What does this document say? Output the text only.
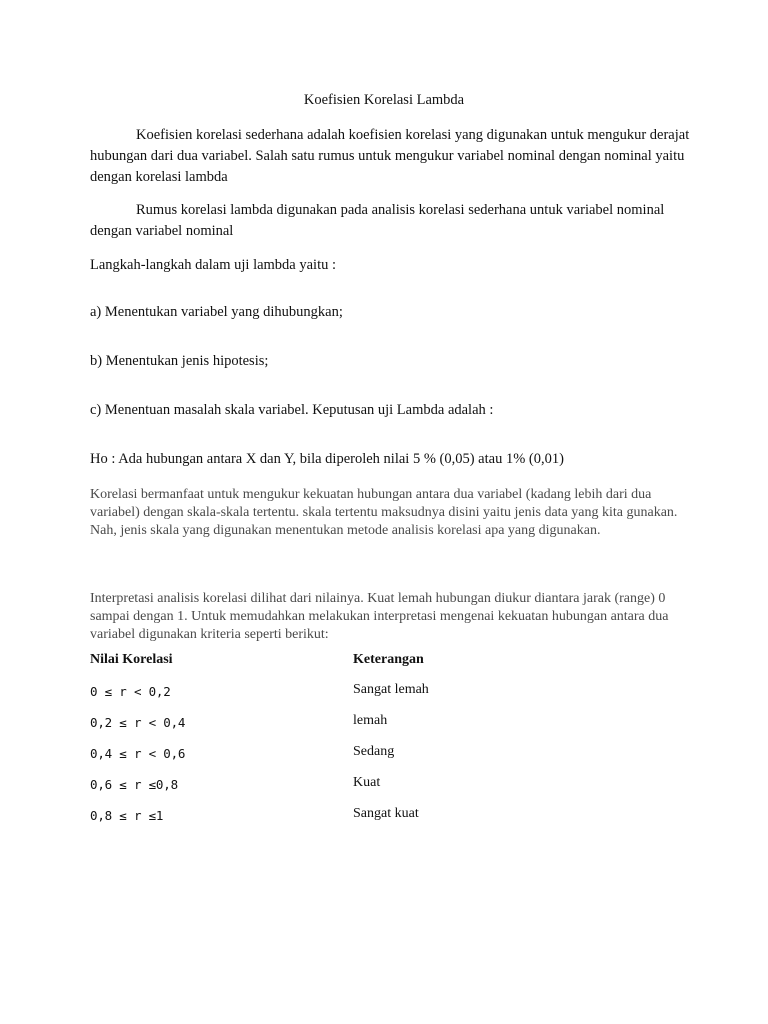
Koefisien Korelasi Lambda
Koefisien korelasi sederhana adalah koefisien korelasi yang digunakan untuk mengukur derajat hubungan dari dua variabel. Salah satu rumus untuk mengukur variabel nominal dengan nominal yaitu dengan korelasi lambda
Rumus korelasi lambda digunakan pada analisis korelasi sederhana untuk variabel nominal dengan variabel nominal
Langkah-langkah dalam uji lambda yaitu :
a) Menentukan variabel yang dihubungkan;
b) Menentukan jenis hipotesis;
c) Menentuan masalah skala variabel. Keputusan uji Lambda adalah :
Ho : Ada hubungan antara X dan Y, bila diperoleh nilai 5 % (0,05) atau 1% (0,01)
Korelasi bermanfaat untuk mengukur kekuatan hubungan antara dua variabel (kadang lebih dari dua variabel) dengan skala-skala tertentu. skala tertentu maksudnya disini yaitu jenis data yang kita gunakan. Nah, jenis skala yang digunakan menentukan metode analisis korelasi apa yang digunakan.
Interpretasi analisis korelasi dilihat dari nilainya. Kuat lemah hubungan diukur diantara jarak (range) 0 sampai dengan 1. Untuk memudahkan melakukan interpretasi mengenai kekuatan hubungan antara dua variabel digunakan kriteria seperti berikut:
Nilai Korelasi	Keterangan
0 ≤ r < 0,2	Sangat lemah
0,2 ≤ r < 0,4	lemah
0,4 ≤ r < 0,6	Sedang
0,6 ≤ r ≤0,8	Kuat
0,8 ≤ r ≤1	Sangat kuat
